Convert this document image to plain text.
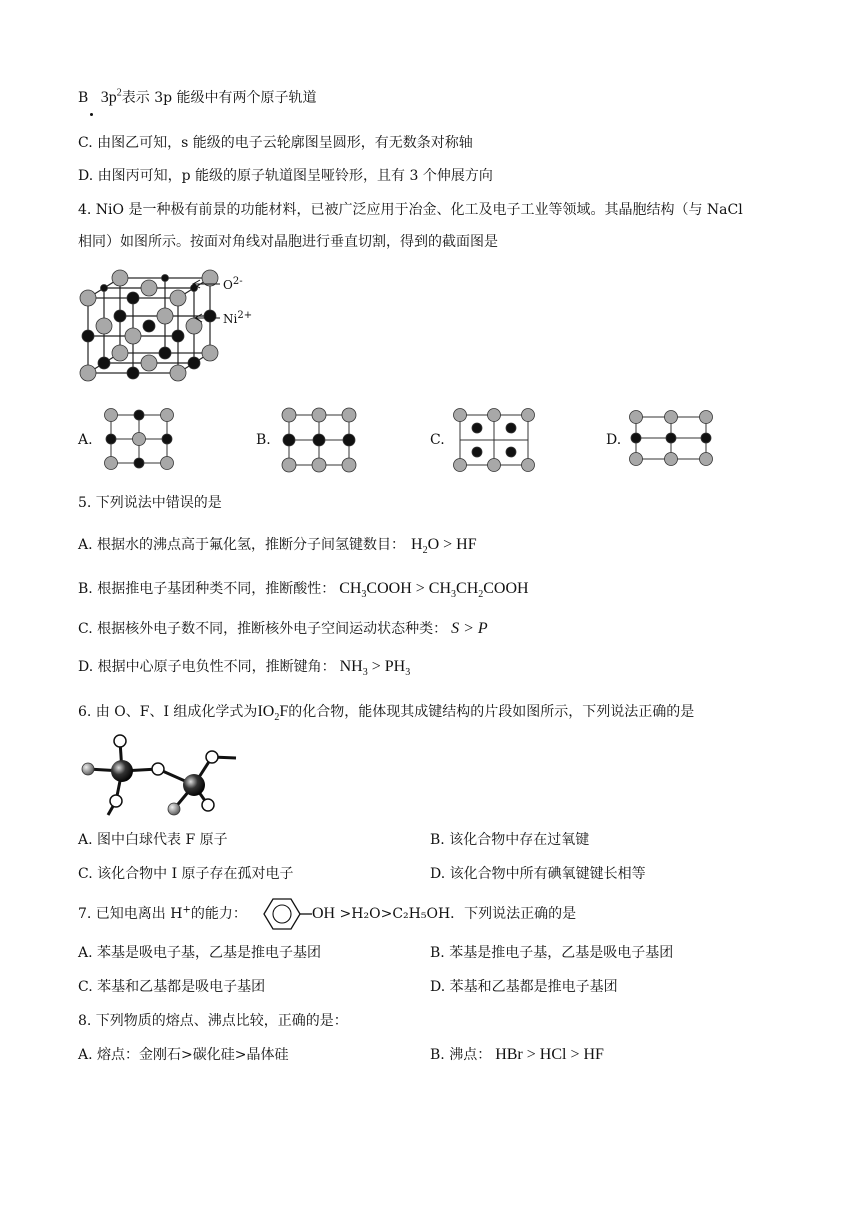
B $3p^2$表示 3p 能级中有两个原子轨道
C. 由图乙可知，s 能级的电子云轮廓图呈圆形，有无数条对称轴
D. 由图丙可知，p 能级的原子轨道图呈哑铃形，且有 3 个伸展方向
4. NiO 是一种极有前景的功能材料，已被广泛应用于冶金、化工及电子工业等领域。其晶胞结构（与 NaCl
相同）如图所示。按面对角线对晶胞进行垂直切割，得到的截面图是
$O^{2-}$
$Ni^{2+}$
A.	B.	C.	D.
5. 下列说法中错误的是
A. 根据水的沸点高于氟化氢，推断分子间氢键数目： $H_2O$ > HF
B. 根据推电子基团种类不同，推断酸性： $CH_3COOH$ > $CH_3CH_2COOH$
C. 根据核外电子数不同，推断核外电子空间运动状态种类： S > P
D. 根据中心原子电负性不同，推断键角： $NH_3 > PH_3$
6. 由 O、F、I 组成化学式为$IO_2F$的化合物，能体现其成键结构的片段如图所示，下列说法正确的是
A. 图中白球代表 F 原子	B. 该化合物中存在过氧键
C. 该化合物中 I 原子存在孤对电子	D. 该化合物中所有碘氧键键长相等
7. 已知电离出 H+的能力：	OH >H₂O>C₂H₅OH．下列说法正确的是
A. 苯基是吸电子基，乙基是推电子基团	B. 苯基是推电子基，乙基是吸电子基团
C. 苯基和乙基都是吸电子基团	D. 苯基和乙基都是推电子基团
8. 下列物质的熔点、沸点比较，正确的是：
A. 熔点：金刚石>碳化硅>晶体硅	B. 沸点： HBr > HCl > HF
